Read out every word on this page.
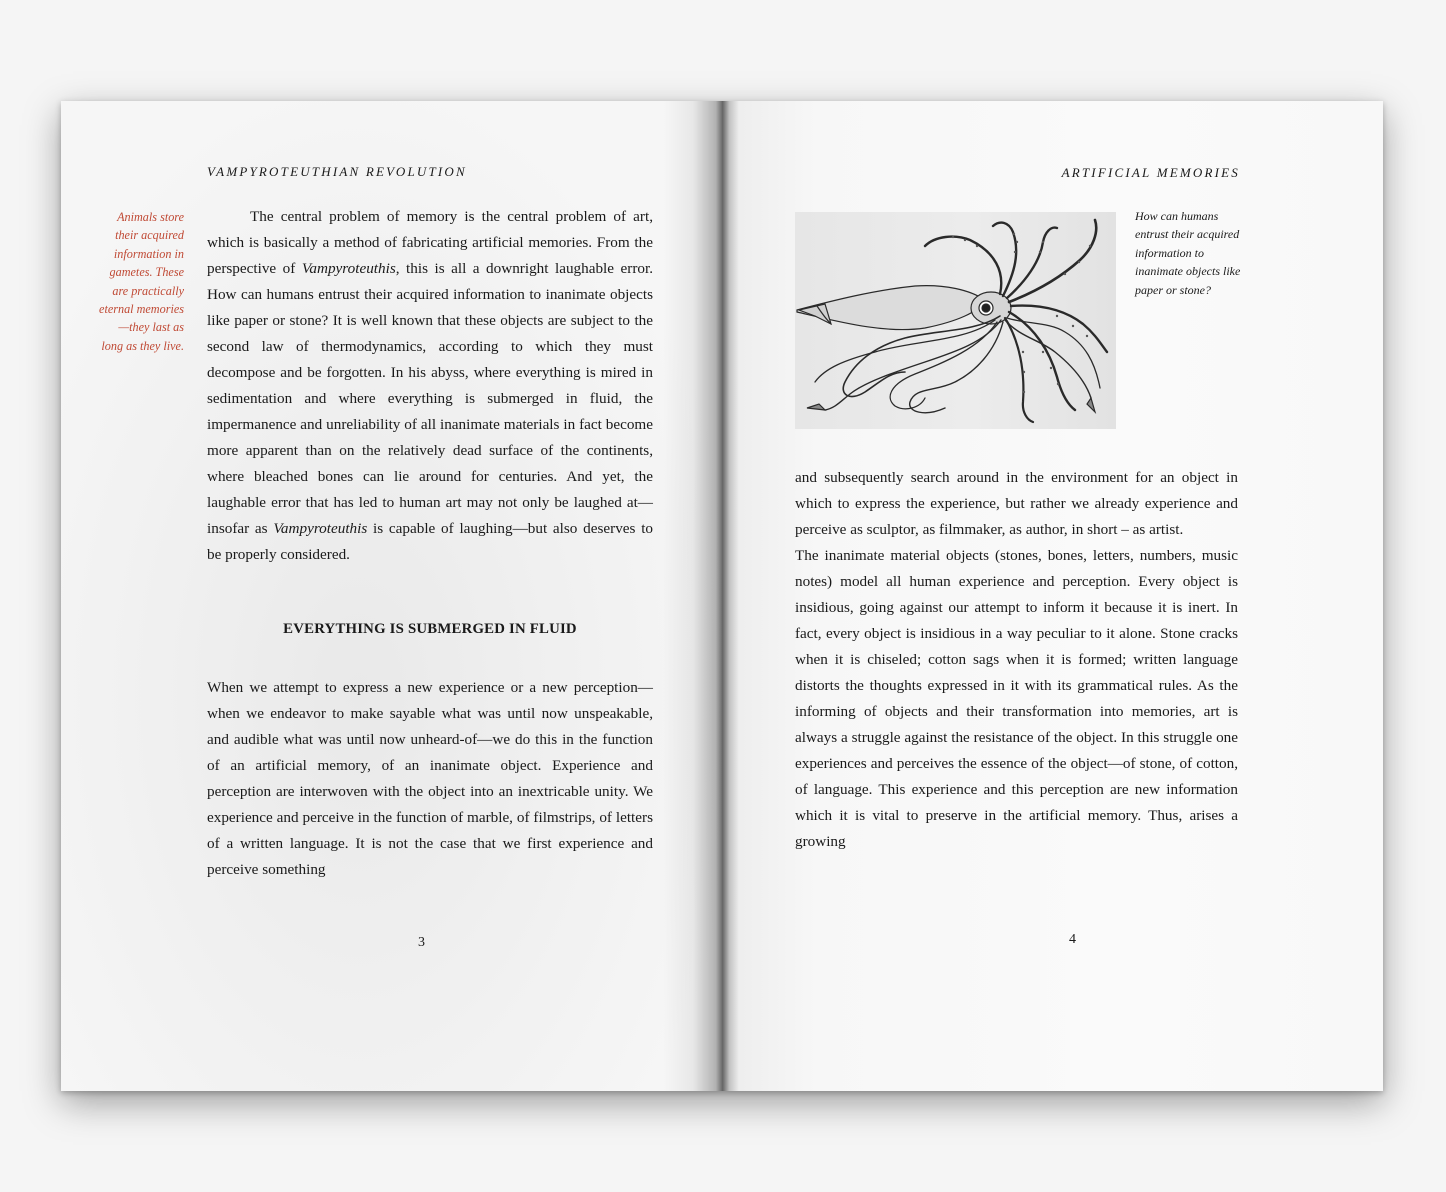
VAMPYROTEUTHIAN REVOLUTION
Animals store their acquired information in gametes. These are practically eternal memories—they last as long as they live.

The central problem of memory is the central problem of art, which is basically a method of fabricating artificial memories. From the perspective of Vampyroteuthis, this is all a downright laughable error. How can humans entrust their acquired information to inanimate objects like paper or stone? It is well known that these objects are subject to the second law of thermodynamics, according to which they must decompose and be forgotten. In his abyss, where everything is mired in sedimentation and where everything is submerged in fluid, the impermanence and unreliability of all inanimate materials in fact become more apparent than on the relatively dead surface of the continents, where bleached bones can lie around for centuries. And yet, the laughable error that has led to human art may not only be laughed at—insofar as Vampyroteuthis is capable of laughing—but also deserves to be properly considered.

EVERYTHING IS SUBMERGED IN FLUID

When we attempt to express a new experience or a new perception—when we endeavor to make sayable what was until now unspeakable, and audible what was until now unheard-of—we do this in the function of an artificial memory, of an inanimate object. Experience and perception are interwoven with the object into an inextricable unity. We experience and perceive in the function of marble, of filmstrips, of letters of a written language. It is not the case that we first experience and perceive something

3
ARTIFICIAL MEMORIES
How can humans entrust their acquired information to inanimate objects like paper or stone?

and subsequently search around in the environment for an object in which to express the experience, but rather we already experience and perceive as sculptor, as filmmaker, as author, in short – as artist.

The inanimate material objects (stones, bones, letters, numbers, music notes) model all human experience and perception. Every object is insidious, going against our attempt to inform it because it is inert. In fact, every object is insidious in a way peculiar to it alone. Stone cracks when it is chiseled; cotton sags when it is formed; written language distorts the thoughts expressed in it with its grammatical rules. As the informing of objects and their transformation into memories, art is always a struggle against the resistance of the object. In this struggle one experiences and perceives the essence of the object—of stone, of cotton, of language. This experience and this perception are new information which it is vital to preserve in the artificial memory. Thus, arises a growing

4
